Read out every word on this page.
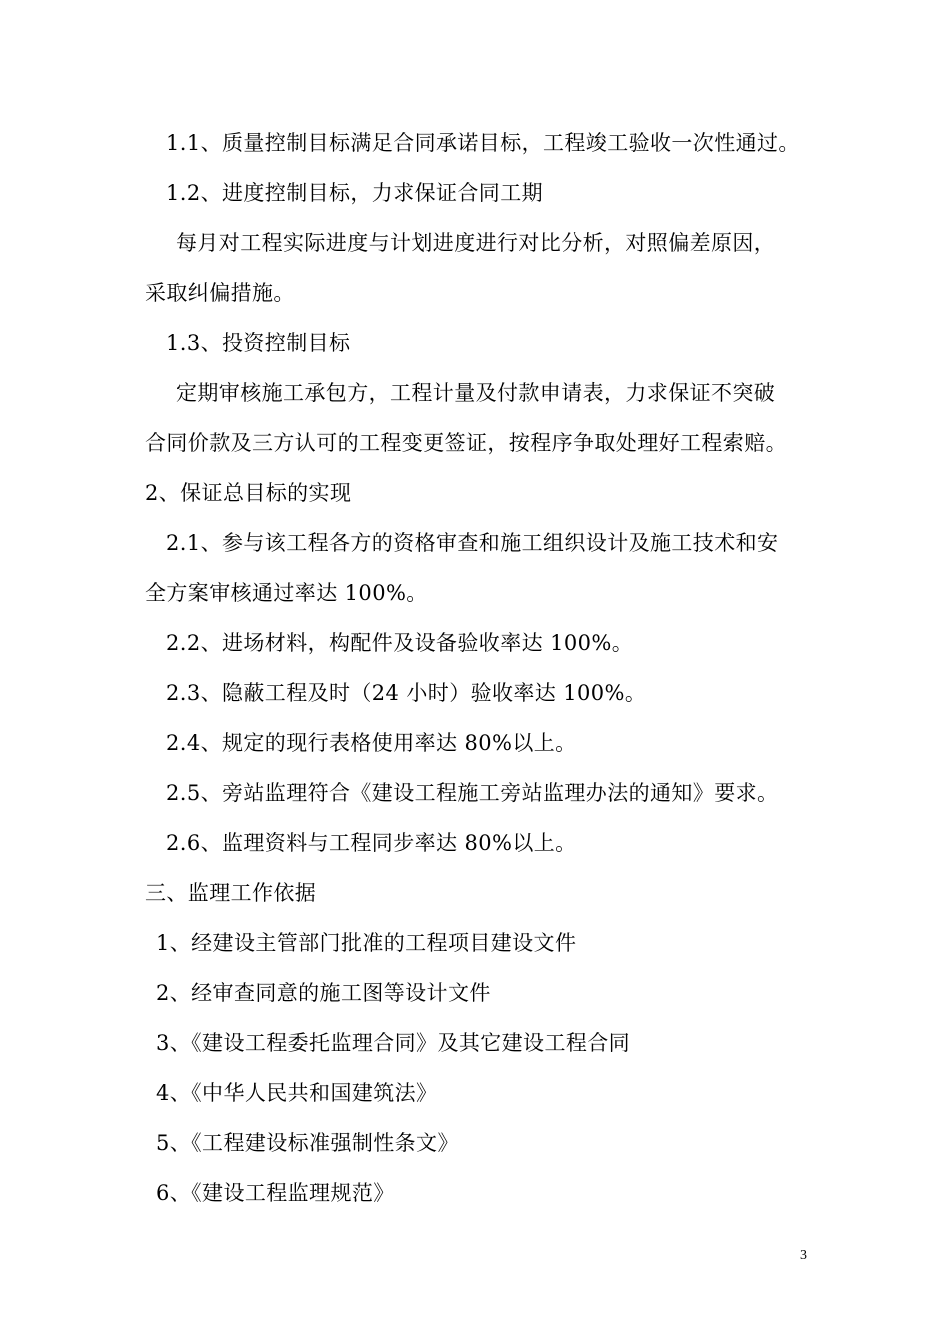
1.1、质量控制目标满足合同承诺目标，工程竣工验收一次性通过。
1.2、进度控制目标，力求保证合同工期
每月对工程实际进度与计划进度进行对比分析，对照偏差原因，
采取纠偏措施。
1.3、投资控制目标
定期审核施工承包方，工程计量及付款申请表，力求保证不突破
合同价款及三方认可的工程变更签证，按程序争取处理好工程索赔。
2、保证总目标的实现
2.1、参与该工程各方的资格审查和施工组织设计及施工技术和安
全方案审核通过率达 100%。
2.2、进场材料，构配件及设备验收率达 100%。
2.3、隐蔽工程及时（24 小时）验收率达 100%。
2.4、规定的现行表格使用率达 80%以上。
2.5、旁站监理符合《建设工程施工旁站监理办法的通知》要求。
2.6、监理资料与工程同步率达 80%以上。
三、监理工作依据
1、经建设主管部门批准的工程项目建设文件
2、经审查同意的施工图等设计文件
3、《建设工程委托监理合同》及其它建设工程合同
4、《中华人民共和国建筑法》
5、《工程建设标准强制性条文》
6、《建设工程监理规范》
3
